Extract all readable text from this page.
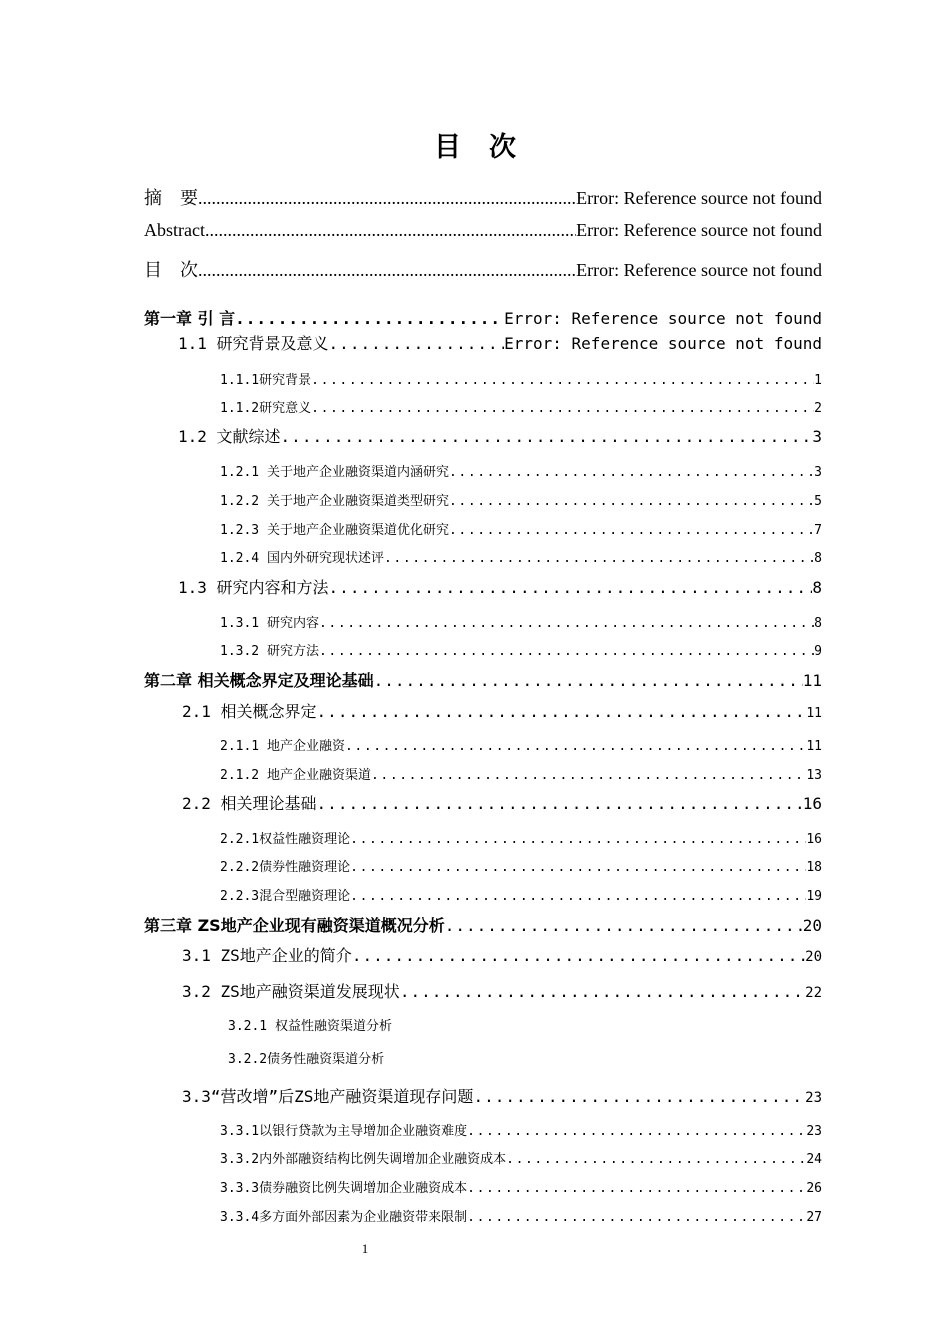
目次
摘　要 .....	Error: Reference source not found
Abstract .....	Error: Reference source not found
目　次 .....	Error: Reference source not found
第一章 引 言 .....	Error: Reference source not found
1.1 研究背景及意义 .....	Error: Reference source not found
1.1.1研究背景 .....	1
1.1.2研究意义 .....	2
1.2 文献综述 .....	3
1.2.1 关于地产企业融资渠道内涵研究 .....	3
1.2.2 关于地产企业融资渠道类型研究 .....	5
1.2.3 关于地产企业融资渠道优化研究 .....	7
1.2.4 国内外研究现状述评 .....	8
1.3 研究内容和方法 .....	8
1.3.1 研究内容 .....	8
1.3.2 研究方法 .....	9
第二章 相关概念界定及理论基础 .....	11
2.1 相关概念界定 .....	11
2.1.1 地产企业融资 .....	11
2.1.2 地产企业融资渠道 .....	13
2.2 相关理论基础 .....	16
2.2.1权益性融资理论 .....	16
2.2.2债券性融资理论 .....	18
2.2.3混合型融资理论 .....	19
第三章 ZS地产企业现有融资渠道概况分析 .....	20
3.1 ZS地产企业的简介 .....	20
3.2 ZS地产融资渠道发展现状 .....	22
3.2.1 权益性融资渠道分析
3.2.2债务性融资渠道分析
3.3“营改增”后ZS地产融资渠道现存问题 .....	23
3.3.1以银行贷款为主导增加企业融资难度 .....	23
3.3.2内外部融资结构比例失调增加企业融资成本 .....	24
3.3.3债券融资比例失调增加企业融资成本 .....	26
3.3.4多方面外部因素为企业融资带来限制 .....	27
1
